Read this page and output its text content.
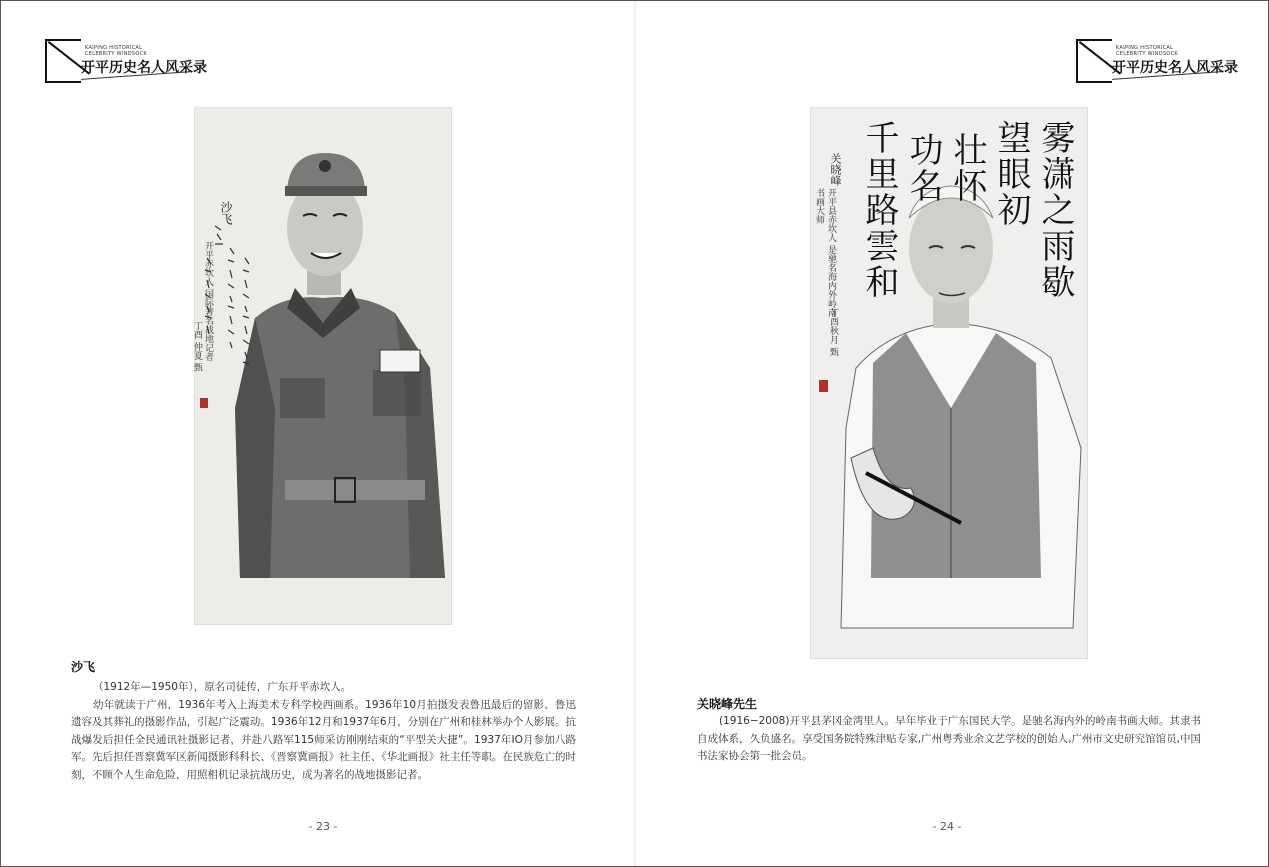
KAIPING HISTORICAL
CELEBRITY WINDSOCK
开平历史名人风采录
KAIPING HISTORICAL
CELEBRITY WINDSOCK
开平历史名人风采录
雾潇之雨歇
望眼初
壮怀
功名
千里路雲和
关晓峰
开平县赤坎人 是驰名海内外岭南书画大师
丁酉秋月 甄
沙飞
开平赤坎人 国际著名战地记者
丁酉 仲夏 甄
沙飞

（1912年—1950年），原名司徒传，广东开平赤坎人。

幼年就读于广州，1936年考入上海美术专科学校西画系。1936年10月拍摄发表鲁迅最后的留影、鲁迅遗容及其葬礼的摄影作品，引起广泛震动。1936年12月和1937年6月，分别在广州和桂林举办个人影展。抗战爆发后担任全民通讯社摄影记者，并赴八路军115师采访刚刚结束的“平型关大捷”。1937年IO月参加八路军。先后担任晋察冀军区新闻摄影科科长、《晋察冀画报》社主任、《华北画报》社主任等职。在民族危亡的时刻，不顾个人生命危险，用照相机记录抗战历史，成为著名的战地摄影记者。

- 23 -
关晓峰先生

(1916−2008)开平县茅冈金湾里人。早年毕业于广东国民大学。是驰名海内外的岭南书画大师。其隶书自成体系，久负盛名。享受国务院特殊津贴专家,广州粤秀业余文艺学校的创始人,广州市文史研究馆馆员,中国书法家协会第一批会员。

- 24 -
